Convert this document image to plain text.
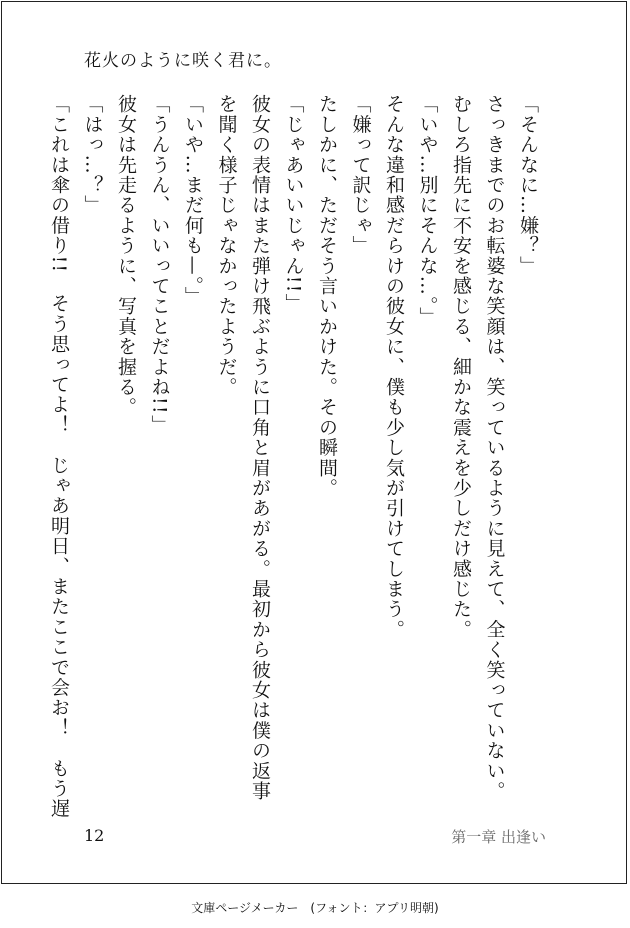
花火のように咲く君に。
「そんなに…嫌？」
さっきまでのお転婆な笑顔は、笑っているように見えて、全く笑っていない。
むしろ指先に不安を感じる、細かな震えを少しだけ感じた。
「いや…別にそんな…。」
そんな違和感だらけの彼女に、僕も少し気が引けてしまう。
「嫌って訳じゃ」
たしかに、ただそう言いかけた。その瞬間。
「じゃあいいじゃん!!」
彼女の表情はまた弾け飛ぶように口角と眉があがる。最初から彼女は僕の返事
を聞く様子じゃなかったようだ。
「いや…まだ何も—。」
「うんうん、いいってことだよね!!」
彼女は先走るように、写真を握る。
「はっ…？」
「これは傘の借り!!　そう思ってよ！　じゃあ明日、またここで会お！　もう遅
12	第一章 出逢い
文庫ページメーカー　(フォント：アプリ明朝)
